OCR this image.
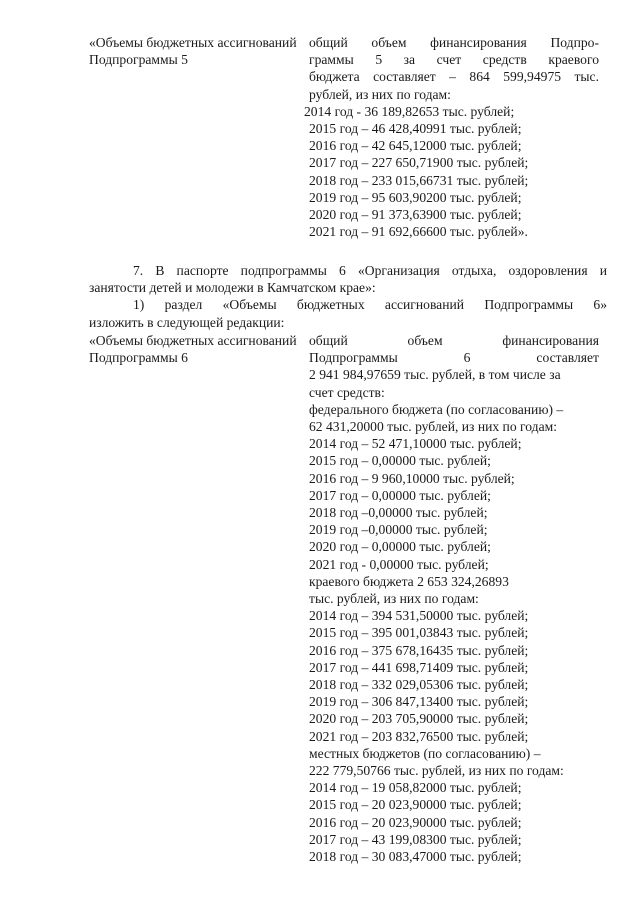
«Объемы бюджетных ассигнований Подпрограммы 5
общий объем финансирования Подпро-
граммы 5 за счет средств краевого
бюджета составляет – 864 599,94975 тыс.
рублей, из них по годам:
2014 год - 36 189,82653 тыс. рублей;
2015 год – 46 428,40991 тыс. рублей;
2016 год – 42 645,12000 тыс. рублей;
2017 год – 227 650,71900 тыс. рублей;
2018 год – 233 015,66731 тыс. рублей;
2019 год – 95 603,90200 тыс. рублей;
2020 год – 91 373,63900 тыс. рублей;
2021 год – 91 692,66600 тыс. рублей».
7. В паспорте подпрограммы 6 «Организация отдыха, оздоровления и
занятости детей и молодежи в Камчатском крае»:
1) раздел «Объемы бюджетных ассигнований Подпрограммы 6»
изложить в следующей редакции:
«Объемы бюджетных ассигнований Подпрограммы 6
общий объем финансирования
Подпрограммы 6 составляет
2 941 984,97659 тыс. рублей, в том числе за
счет средств:
федерального бюджета (по согласованию) –
62 431,20000 тыс. рублей, из них по годам:
2014 год – 52 471,10000 тыс. рублей;
2015 год – 0,00000 тыс. рублей;
2016 год – 9 960,10000 тыс. рублей;
2017 год – 0,00000 тыс. рублей;
2018 год –0,00000 тыс. рублей;
2019 год –0,00000 тыс. рублей;
2020 год – 0,00000 тыс. рублей;
2021 год - 0,00000 тыс. рублей;
краевого бюджета 2 653 324,26893
тыс. рублей, из них по годам:
2014 год – 394 531,50000 тыс. рублей;
2015 год – 395 001,03843 тыс. рублей;
2016 год – 375 678,16435 тыс. рублей;
2017 год – 441 698,71409 тыс. рублей;
2018 год – 332 029,05306 тыс. рублей;
2019 год – 306 847,13400 тыс. рублей;
2020 год – 203 705,90000 тыс. рублей;
2021 год – 203 832,76500 тыс. рублей;
местных бюджетов (по согласованию) –
222 779,50766 тыс. рублей, из них по годам:
2014 год – 19 058,82000 тыс. рублей;
2015 год – 20 023,90000 тыс. рублей;
2016 год – 20 023,90000 тыс. рублей;
2017 год – 43 199,08300 тыс. рублей;
2018 год – 30 083,47000 тыс. рублей;
